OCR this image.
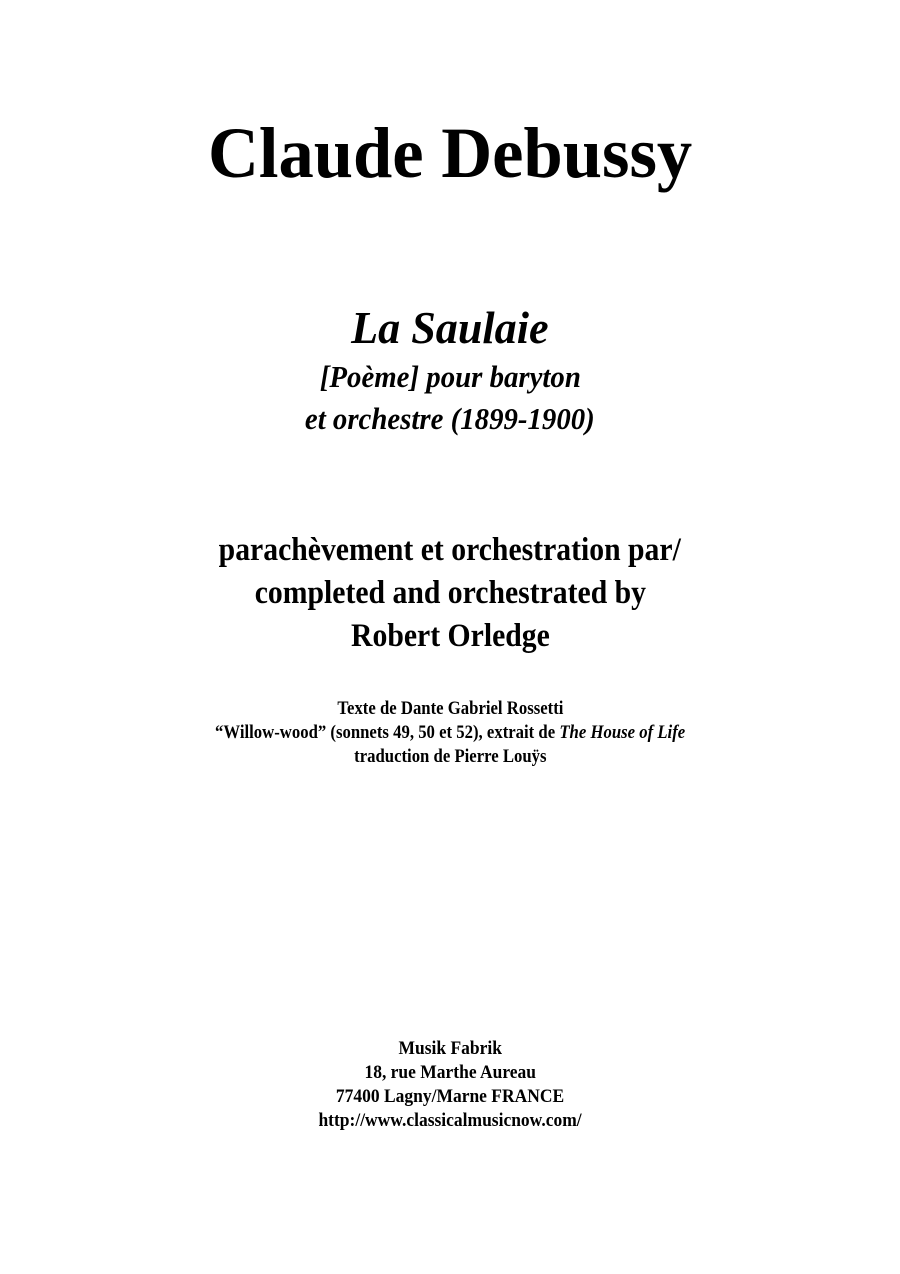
Claude Debussy
La Saulaie
[Poème] pour baryton
et orchestre (1899-1900)
parachèvement et orchestration par/
completed and orchestrated by
Robert Orledge
Texte de Dante Gabriel Rossetti
“Willow-wood” (sonnets 49, 50 et 52), extrait de The House of Life
traduction de Pierre Louÿs
Musik Fabrik
18, rue Marthe Aureau
77400 Lagny/Marne FRANCE
http://www.classicalmusicnow.com/
